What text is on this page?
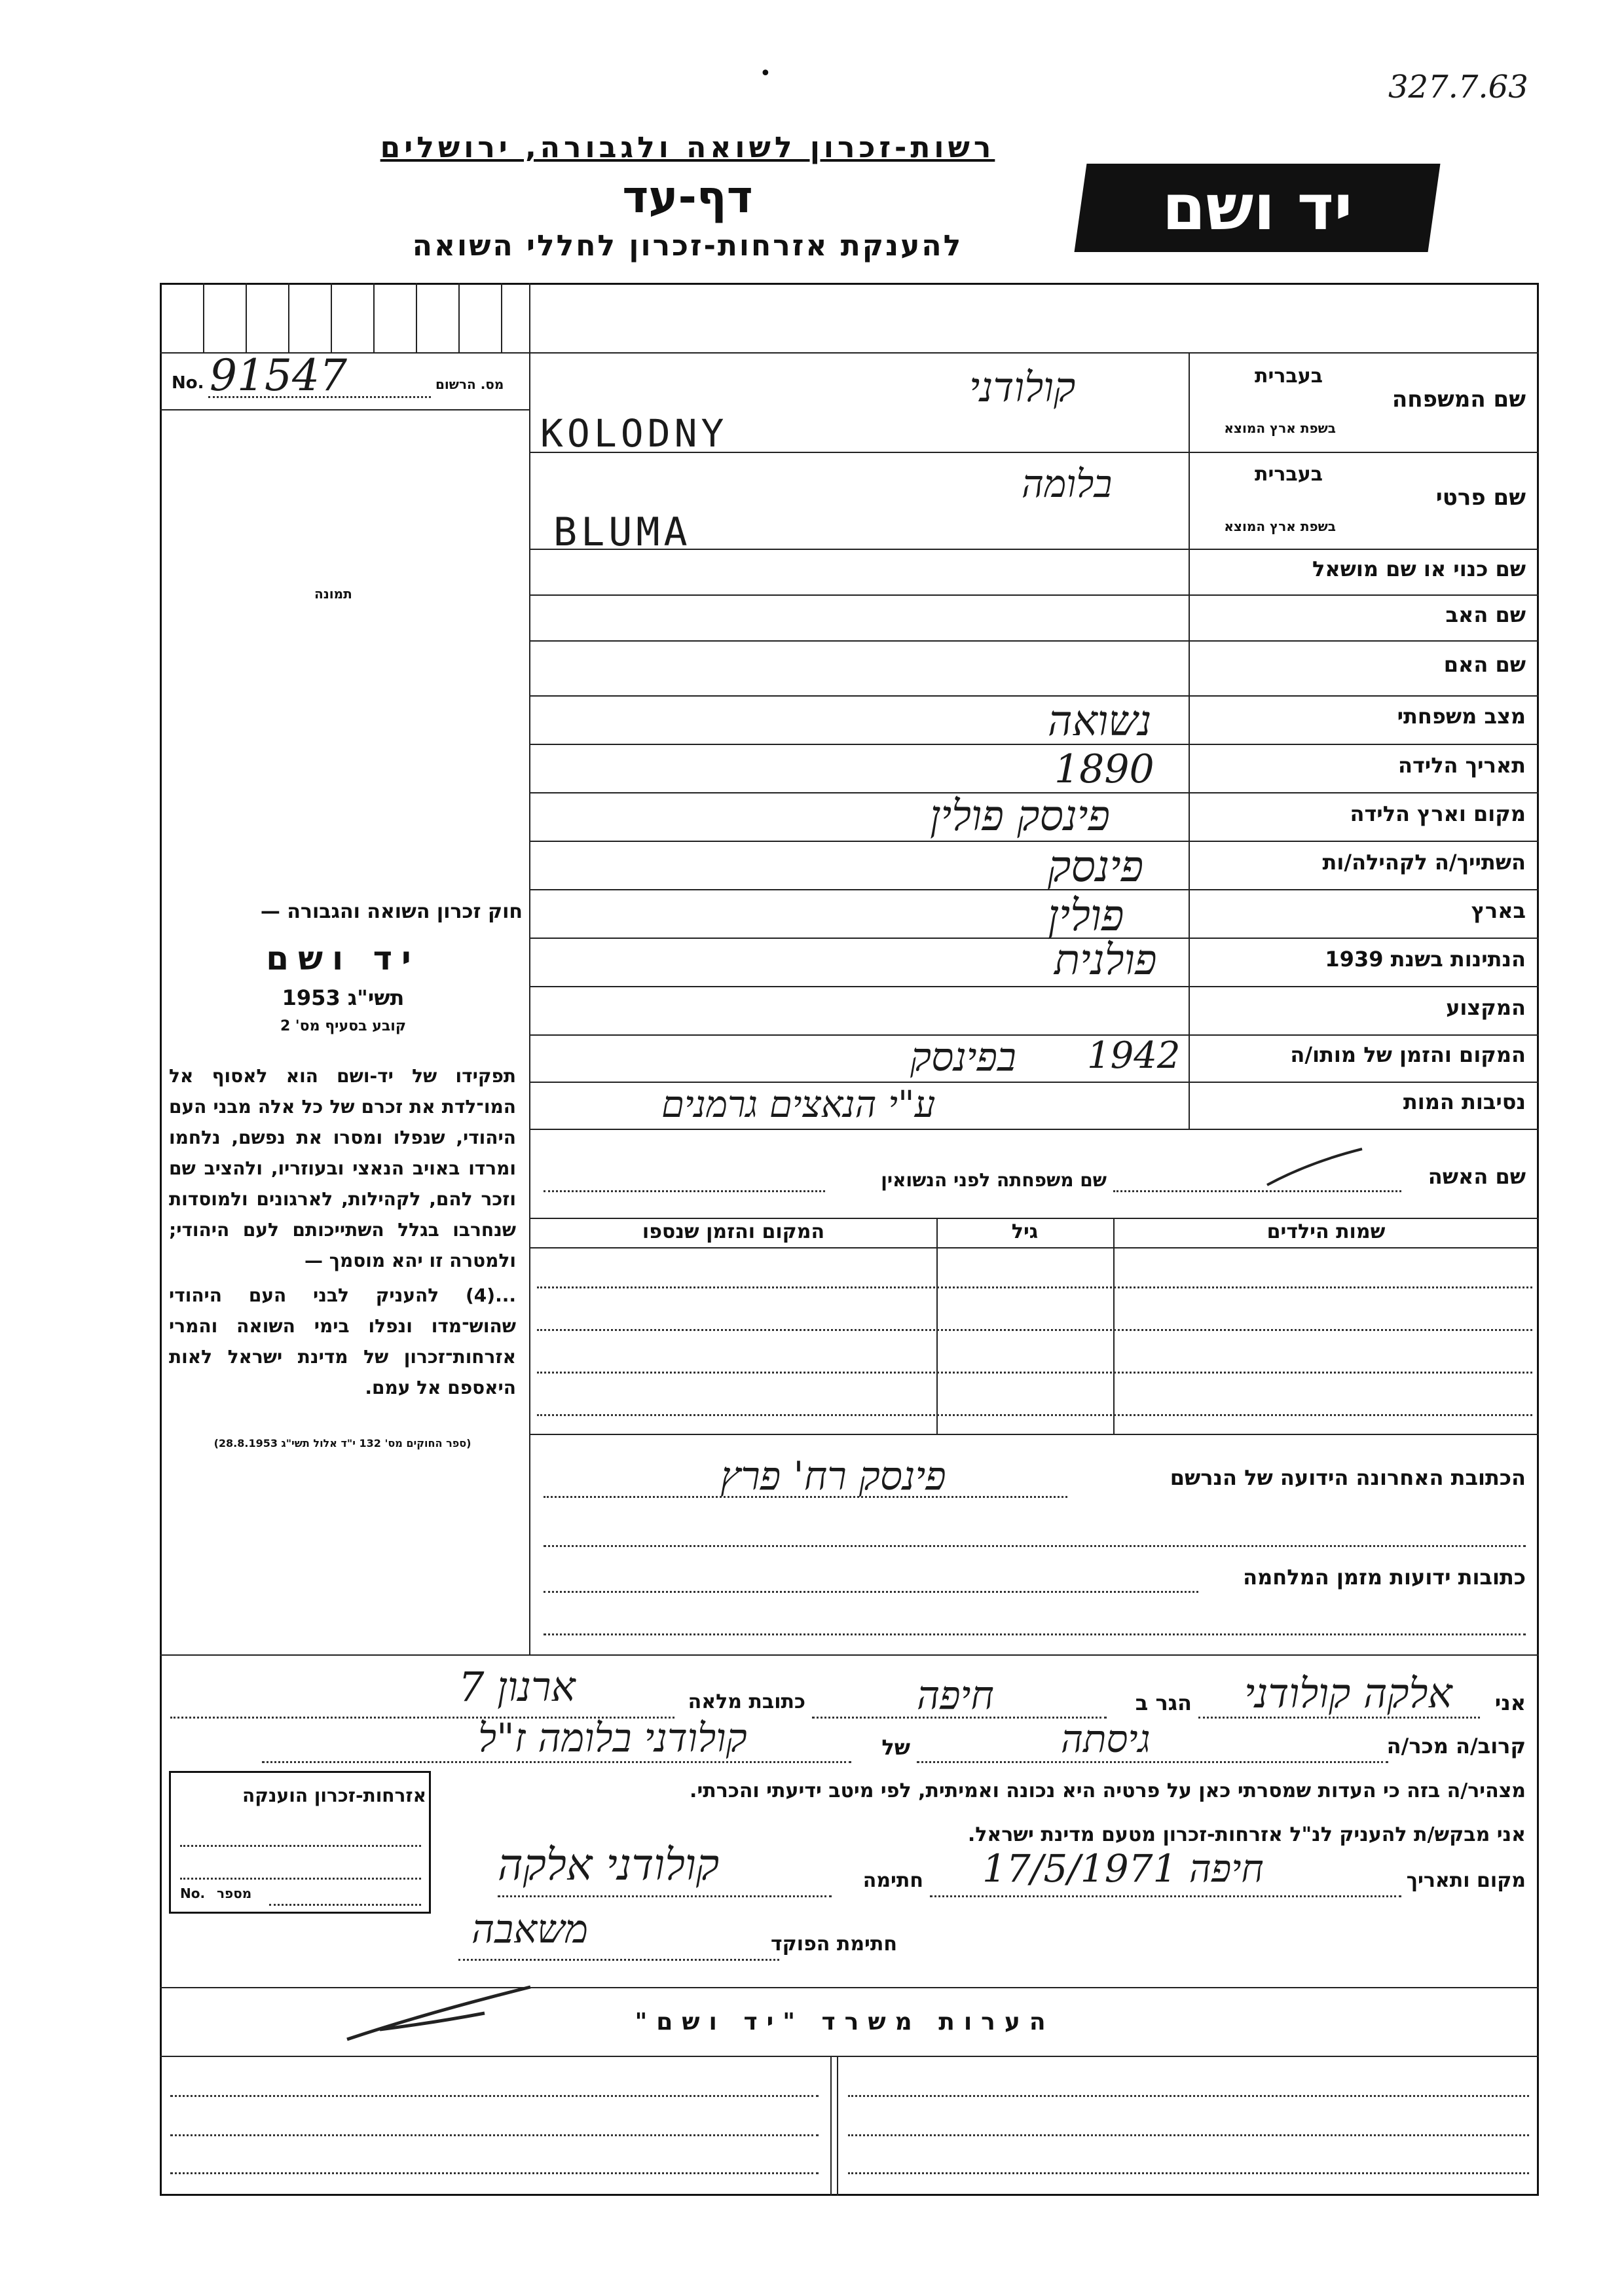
327.7.63
•
רשות-זכרון לשואה ולגבורה, ירושלים
דף-עד
להענקת אזרחות-זכרון לחללי השואה
יד ושם
No. 91547	מס. הרשום
תמונה
חוק זכרון השואה והגבורה —
יד ושם
תשי"ג 1953
קובע בסעיף מס' 2
תפקידו של יד-ושם הוא לאסוף אל המו־לדת את זכרם של כל אלה מבני העם היהודי, שנפלו ומסרו את נפשם, נלחמו ומרדו באויב הנאצי ובעוזריו, ולהציב שם וזכר להם, לקהילות, לארגונים ולמוסדות שנחרבו בגלל השתייכותם לעם היהודי; ולמטרה זו יהא מוסמך —
...(4) להעניק לבני העם היהודי שהוש־מדו ונפלו בימי השואה והמרי אזרחות־זכרון של מדינת ישראל לאות היאספם אל עמם.
(ספר החוקים מס' 132 י"ד אלול תשי"ג 28.8.1953)
שם המשפחה
בעברית
בשפת ארץ המוצא
שם פרטי
בעברית
בשפת ארץ המוצא
שם כנוי או שם מושאל
שם האב
שם האם
מצב משפחתי
תאריך הלידה
מקום וארץ הלידה
השתייך/ה לקהילה/ות
בארץ
הנתינות בשנת 1939
המקצוע
המקום והזמן של מותו/ה
נסיבות המות
קולודני
KOLODNY
בלומה
BLUMA
נשואה
1890
פינסק פולין
פינסק
פולין
פולנית
1942
בפינסק
ע"י הנאצים גרמנים
שם האשה
שם משפחתה לפני הנשואין
שמות הילדים
גיל
המקום והזמן שנספו
הכתובת האחרונה הידועה של הנרשם
פינסק רח' פרץ
כתובות ידועות מזמן המלחמה
אני
אלקה קולודני
הגר ב
חיפה
כתובת מלאה
ארנון 7
קרוב/ה מכר/ה
גיסתה
של
קולודני בלומה ז"ל
מצהיר/ה בזה כי העדות שמסרתי כאן על פרטיה היא נכונה ואמיתית, לפי מיטב ידיעתי והכרתי.
אני מבקש/ת להעניק לנ"ל אזרחות-זכרון מטעם מדינת ישראל.
מקום ותאריך
חיפה 17/5/1971
חתימה
קולודני אלקה
חתימת הפוקד
משאבה
אזרחות-זכרון הוענקה
No. מספר
הערות משרד "יד ושם"
